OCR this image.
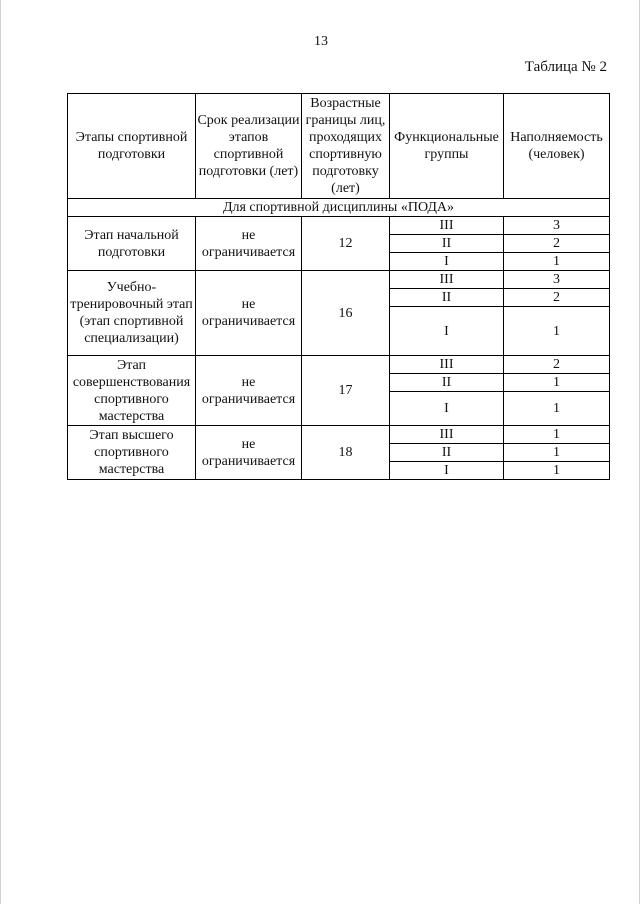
13
Таблица № 2
Этапы спортивной подготовки	Срок реализации этапов спортивной подготовки (лет)	Возрастные границы лиц, проходящих спортивную подготовку (лет)	Функциональные группы	Наполняемость (человек)
Для спортивной дисциплины «ПОДА»				
Этап начальной подготовки	не ограничивается	12	III	3
			II	2
			I	1
Учебно-тренировочный этап (этап спортивной специализации)	не ограничивается	16	III	3
			II	2
			I	1
Этап совершенствования спортивного мастерства	не ограничивается	17	III	2
			II	1
			I	1
Этап высшего спортивного мастерства	не ограничивается	18	III	1
			II	1
			I	1
